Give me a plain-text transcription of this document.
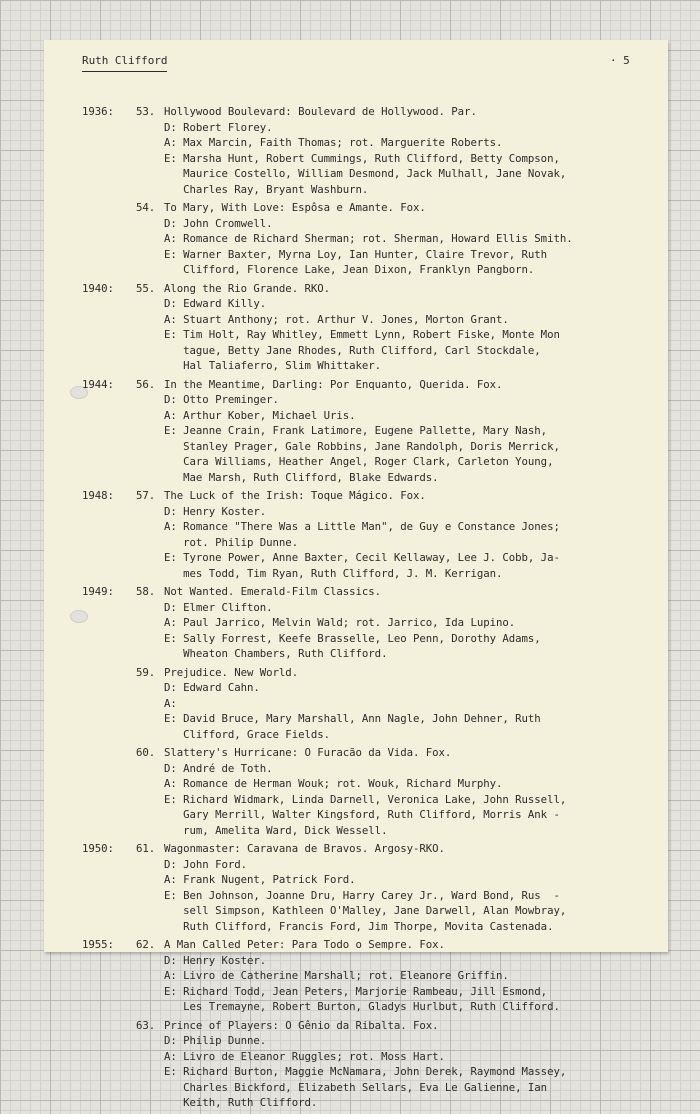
Ruth Clifford	· 5
1936: 53. Hollywood Boulevard: Boulevard de Hollywood. Par.
D: Robert Florey.
A: Max Marcin, Faith Thomas; rot. Marguerite Roberts.
E: Marsha Hunt, Robert Cummings, Ruth Clifford, Betty Compson,
Maurice Costello, William Desmond, Jack Mulhall, Jane Novak,
Charles Ray, Bryant Washburn.
54. To Mary, With Love: Espôsa e Amante. Fox.
D: John Cromwell.
A: Romance de Richard Sherman; rot. Sherman, Howard Ellis Smith.
E: Warner Baxter, Myrna Loy, Ian Hunter, Claire Trevor, Ruth
Clifford, Florence Lake, Jean Dixon, Franklyn Pangborn.
1940: 55. Along the Rio Grande. RKO.
D: Edward Killy.
A: Stuart Anthony; rot. Arthur V. Jones, Morton Grant.
E: Tim Holt, Ray Whitley, Emmett Lynn, Robert Fiske, Monte Mon
tague, Betty Jane Rhodes, Ruth Clifford, Carl Stockdale,
Hal Taliaferro, Slim Whittaker.
1944: 56. In the Meantime, Darling: Por Enquanto, Querida. Fox.
D: Otto Preminger.
A: Arthur Kober, Michael Uris.
E: Jeanne Crain, Frank Latimore, Eugene Pallette, Mary Nash,
Stanley Prager, Gale Robbins, Jane Randolph, Doris Merrick,
Cara Williams, Heather Angel, Roger Clark, Carleton Young,
Mae Marsh, Ruth Clifford, Blake Edwards.
1948: 57. The Luck of the Irish: Toque Mágico. Fox.
D: Henry Koster.
A: Romance "There Was a Little Man", de Guy e Constance Jones;
rot. Philip Dunne.
E: Tyrone Power, Anne Baxter, Cecil Kellaway, Lee J. Cobb, Ja-
mes Todd, Tim Ryan, Ruth Clifford, J. M. Kerrigan.
1949: 58. Not Wanted. Emerald-Film Classics.
D: Elmer Clifton.
A: Paul Jarrico, Melvin Wald; rot. Jarrico, Ida Lupino.
E: Sally Forrest, Keefe Brasselle, Leo Penn, Dorothy Adams,
Wheaton Chambers, Ruth Clifford.
59. Prejudice. New World.
D: Edward Cahn.
A:
E: David Bruce, Mary Marshall, Ann Nagle, John Dehner, Ruth
Clifford, Grace Fields.
60. Slattery's Hurricane: O Furacão da Vida. Fox.
D: André de Toth.
A: Romance de Herman Wouk; rot. Wouk, Richard Murphy.
E: Richard Widmark, Linda Darnell, Veronica Lake, John Russell,
Gary Merrill, Walter Kingsford, Ruth Clifford, Morris Ank -
rum, Amelita Ward, Dick Wessell.
1950: 61. Wagonmaster: Caravana de Bravos. Argosy-RKO.
D: John Ford.
A: Frank Nugent, Patrick Ford.
E: Ben Johnson, Joanne Dru, Harry Carey Jr., Ward Bond, Rus  -
sell Simpson, Kathleen O'Malley, Jane Darwell, Alan Mowbray,
Ruth Clifford, Francis Ford, Jim Thorpe, Movita Castenada.
1955: 62. A Man Called Peter: Para Todo o Sempre. Fox.
D: Henry Koster.
A: Livro de Catherine Marshall; rot. Eleanore Griffin.
E: Richard Todd, Jean Peters, Marjorie Rambeau, Jill Esmond,
Les Tremayne, Robert Burton, Gladys Hurlbut, Ruth Clifford.
63. Prince of Players: O Gênio da Ribalta. Fox.
D: Philip Dunne.
A: Livro de Eleanor Ruggles; rot. Moss Hart.
E: Richard Burton, Maggie McNamara, John Derek, Raymond Massey,
Charles Bickford, Elizabeth Sellars, Eva Le Galienne, Ian
Keith, Ruth Clifford.
